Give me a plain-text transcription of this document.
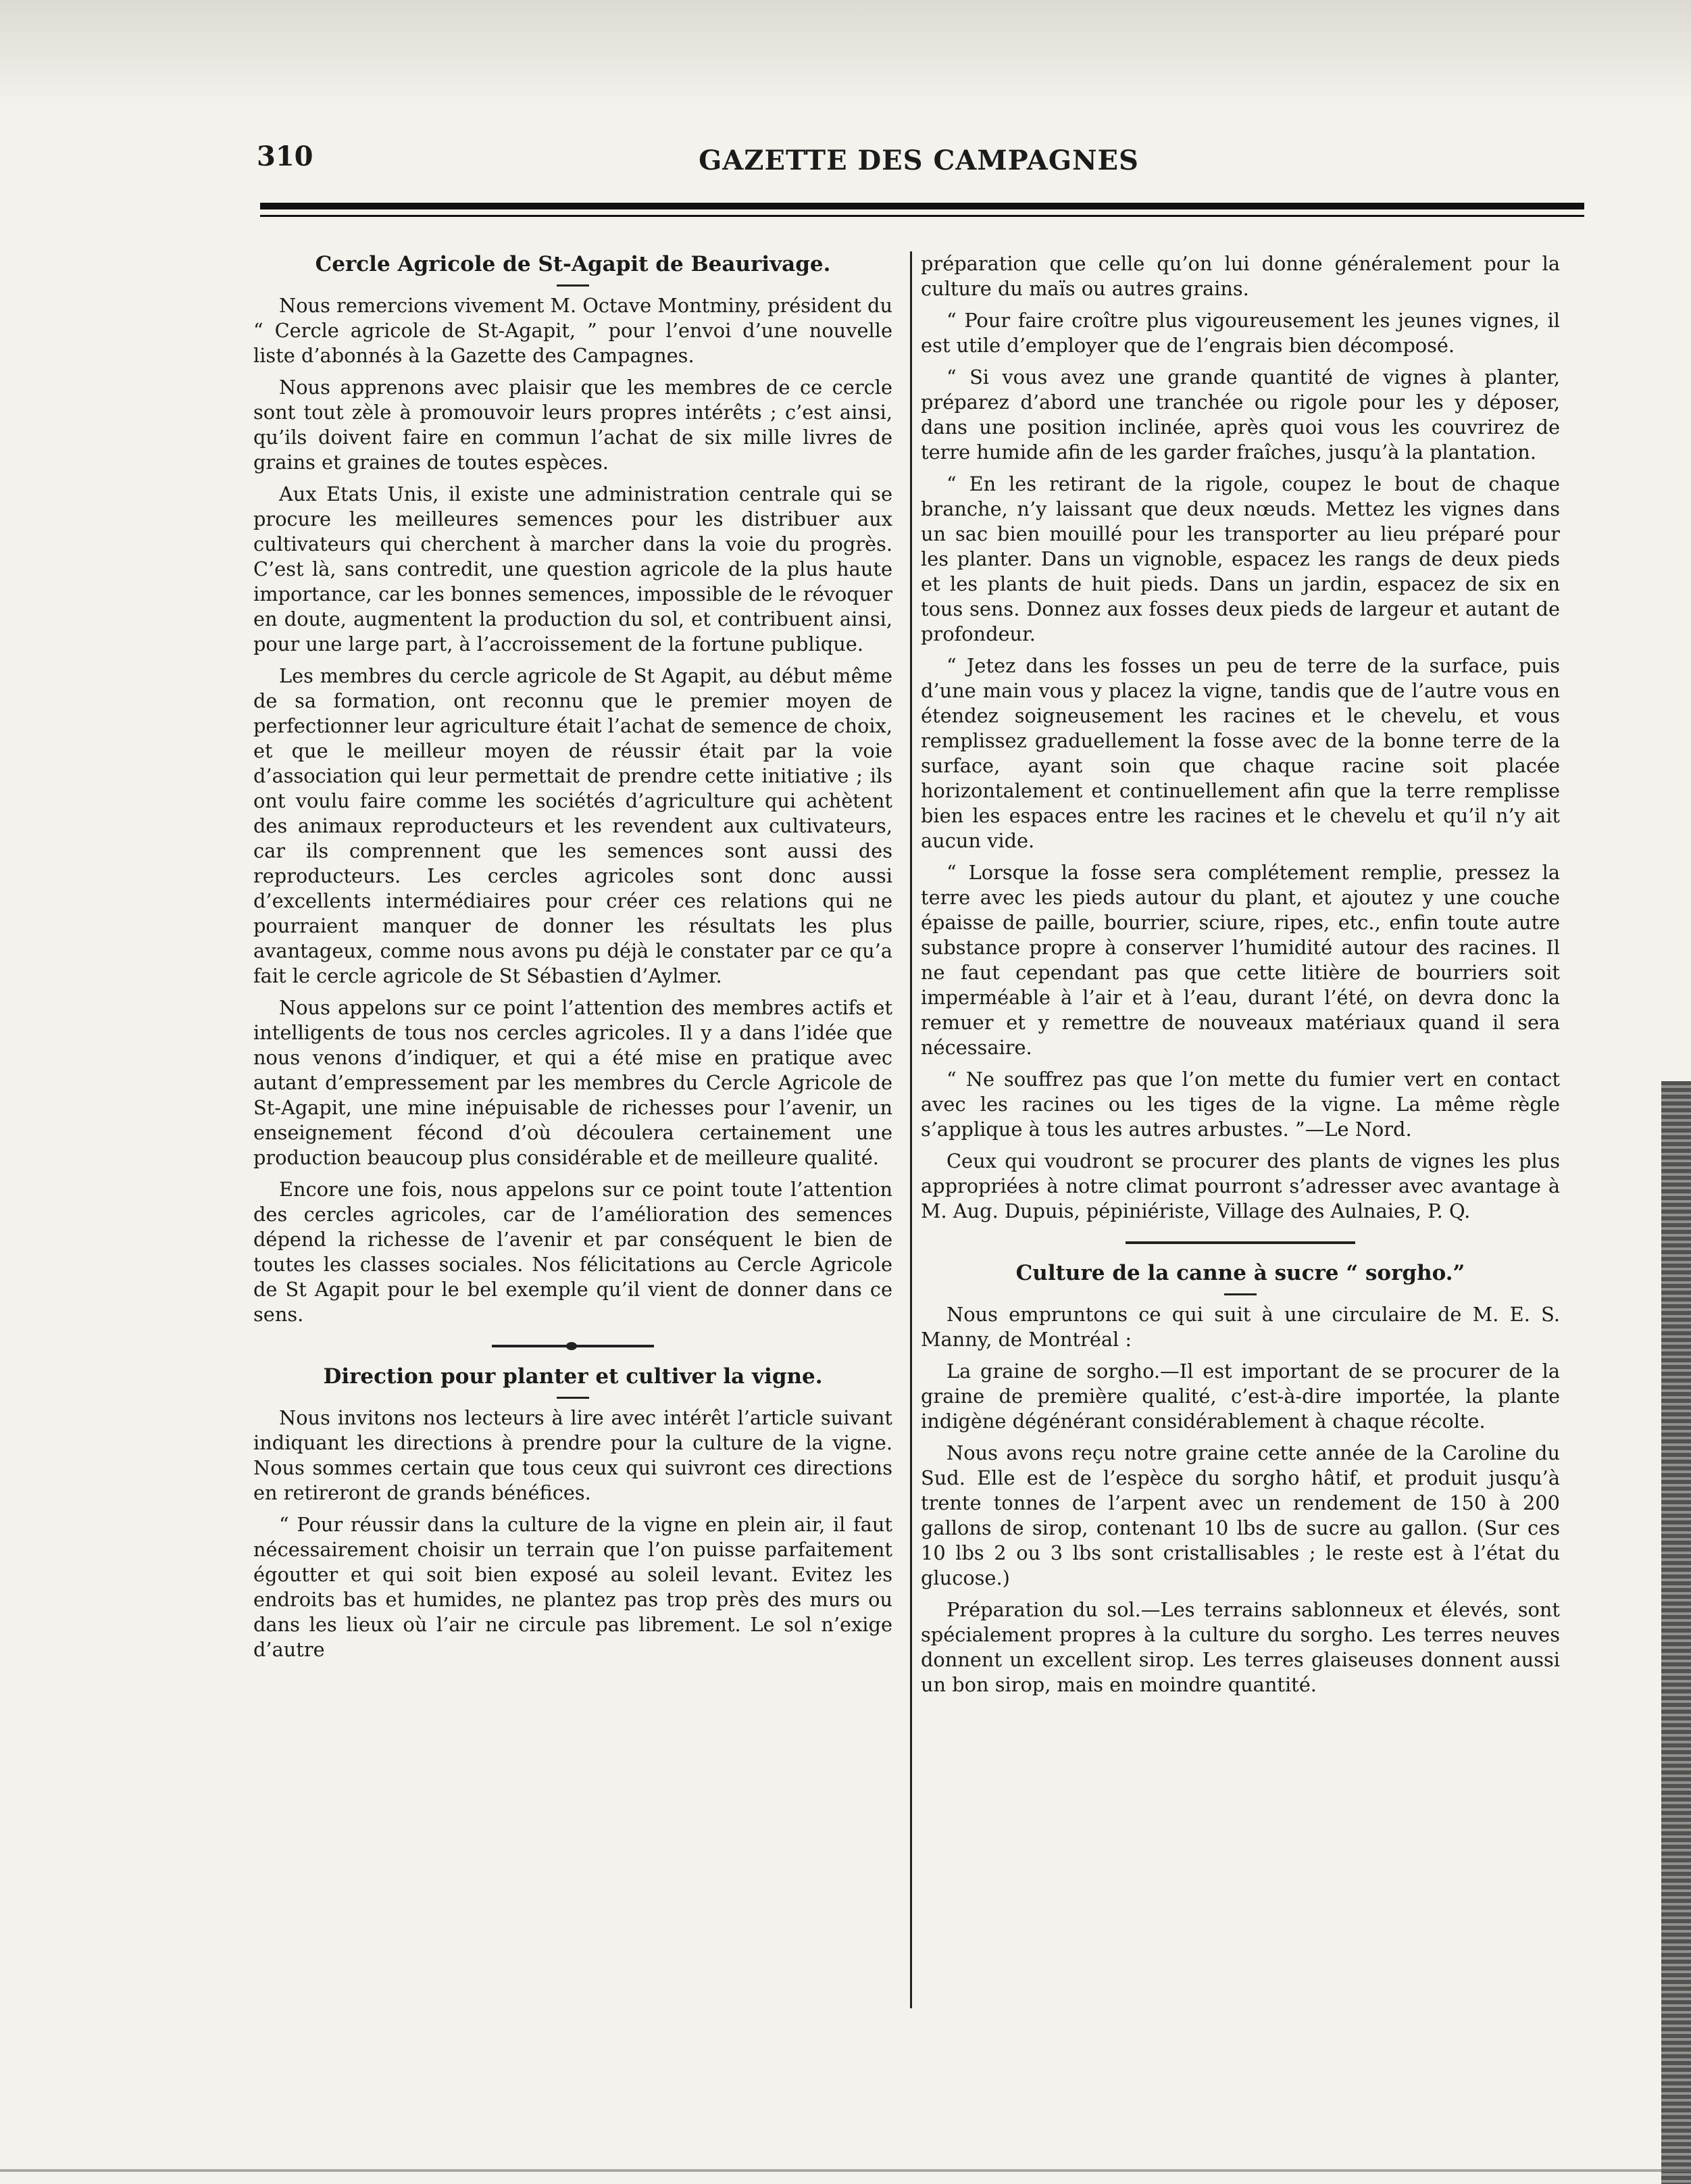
310	GAZETTE DES CAMPAGNES
Cercle Agricole de St-Agapit de Beaurivage.

Nous remercions vivement M. Octave Montminy, président du “ Cercle agricole de St-Agapit, ” pour l’envoi d’une nouvelle liste d’abonnés à la Gazette des Campagnes.

Nous apprenons avec plaisir que les membres de ce cercle sont tout zèle à promouvoir leurs propres intérêts ; c’est ainsi, qu’ils doivent faire en commun l’achat de six mille livres de grains et graines de toutes espèces.

Aux Etats Unis, il existe une administration centrale qui se procure les meilleures semences pour les distribuer aux cultivateurs qui cherchent à marcher dans la voie du progrès. C’est là, sans contredit, une question agricole de la plus haute importance, car les bonnes semences, impossible de le révoquer en doute, augmentent la production du sol, et contribuent ainsi, pour une large part, à l’accroissement de la fortune publique.

Les membres du cercle agricole de St Agapit, au début même de sa formation, ont reconnu que le premier moyen de perfectionner leur agriculture était l’achat de semence de choix, et que le meilleur moyen de réussir était par la voie d’association qui leur permettait de prendre cette initiative ; ils ont voulu faire comme les sociétés d’agriculture qui achètent des animaux reproducteurs et les revendent aux cultivateurs, car ils comprennent que les semences sont aussi des reproducteurs. Les cercles agricoles sont donc aussi d’excellents intermédiaires pour créer ces relations qui ne pourraient manquer de donner les résultats les plus avantageux, comme nous avons pu déjà le constater par ce qu’a fait le cercle agricole de St Sébastien d’Aylmer.

Nous appelons sur ce point l’attention des membres actifs et intelligents de tous nos cercles agricoles. Il y a dans l’idée que nous venons d’indiquer, et qui a été mise en pratique avec autant d’empressement par les membres du Cercle Agricole de St-Agapit, une mine inépuisable de richesses pour l’avenir, un enseignement fécond d’où découlera certainement une production beaucoup plus considérable et de meilleure qualité.

Encore une fois, nous appelons sur ce point toute l’attention des cercles agricoles, car de l’amélioration des semences dépend la richesse de l’avenir et par conséquent le bien de toutes les classes sociales. Nos félicitations au Cercle Agricole de St Agapit pour le bel exemple qu’il vient de donner dans ce sens.

Direction pour planter et cultiver la vigne.

Nous invitons nos lecteurs à lire avec intérêt l’article suivant indiquant les directions à prendre pour la culture de la vigne. Nous sommes certain que tous ceux qui suivront ces directions en retireront de grands bénéfices.

“ Pour réussir dans la culture de la vigne en plein air, il faut nécessairement choisir un terrain que l’on puisse parfaitement égoutter et qui soit bien exposé au soleil levant. Evitez les endroits bas et humides, ne plantez pas trop près des murs ou dans les lieux où l’air ne circule pas librement. Le sol n’exige d’autre

préparation que celle qu’on lui donne généralement pour la culture du maïs ou autres grains.

“ Pour faire croître plus vigoureusement les jeunes vignes, il est utile d’employer que de l’engrais bien décomposé.

“ Si vous avez une grande quantité de vignes à planter, préparez d’abord une tranchée ou rigole pour les y déposer, dans une position inclinée, après quoi vous les couvrirez de terre humide afin de les garder fraîches, jusqu’à la plantation.

“ En les retirant de la rigole, coupez le bout de chaque branche, n’y laissant que deux nœuds. Mettez les vignes dans un sac bien mouillé pour les transporter au lieu préparé pour les planter. Dans un vignoble, espacez les rangs de deux pieds et les plants de huit pieds. Dans un jardin, espacez de six en tous sens. Donnez aux fosses deux pieds de largeur et autant de profondeur.

“ Jetez dans les fosses un peu de terre de la surface, puis d’une main vous y placez la vigne, tandis que de l’autre vous en étendez soigneusement les racines et le chevelu, et vous remplissez graduellement la fosse avec de la bonne terre de la surface, ayant soin que chaque racine soit placée horizontalement et continuellement afin que la terre remplisse bien les espaces entre les racines et le chevelu et qu’il n’y ait aucun vide.

“ Lorsque la fosse sera complétement remplie, pressez la terre avec les pieds autour du plant, et ajoutez y une couche épaisse de paille, bourrier, sciure, ripes, etc., enfin toute autre substance propre à conserver l’humidité autour des racines. Il ne faut cependant pas que cette litière de bourriers soit imperméable à l’air et à l’eau, durant l’été, on devra donc la remuer et y remettre de nouveaux matériaux quand il sera nécessaire.

“ Ne souffrez pas que l’on mette du fumier vert en contact avec les racines ou les tiges de la vigne. La même règle s’applique à tous les autres arbustes. ”—Le Nord.

Ceux qui voudront se procurer des plants de vignes les plus appropriées à notre climat pourront s’adresser avec avantage à M. Aug. Dupuis, pépiniériste, Village des Aulnaies, P. Q.

Culture de la canne à sucre “ sorgho.”

Nous empruntons ce qui suit à une circulaire de M. E. S. Manny, de Montréal :

La graine de sorgho.—Il est important de se procurer de la graine de première qualité, c’est-à-dire importée, la plante indigène dégénérant considérablement à chaque récolte.

Nous avons reçu notre graine cette année de la Caroline du Sud. Elle est de l’espèce du sorgho hâtif, et produit jusqu’à trente tonnes de l’arpent avec un rendement de 150 à 200 gallons de sirop, contenant 10 lbs de sucre au gallon. (Sur ces 10 lbs 2 ou 3 lbs sont cristallisables ; le reste est à l’état du glucose.)

Préparation du sol.—Les terrains sablonneux et élevés, sont spécialement propres à la culture du sorgho. Les terres neuves donnent un excellent sirop. Les terres glaiseuses donnent aussi un bon sirop, mais en moindre quantité.
